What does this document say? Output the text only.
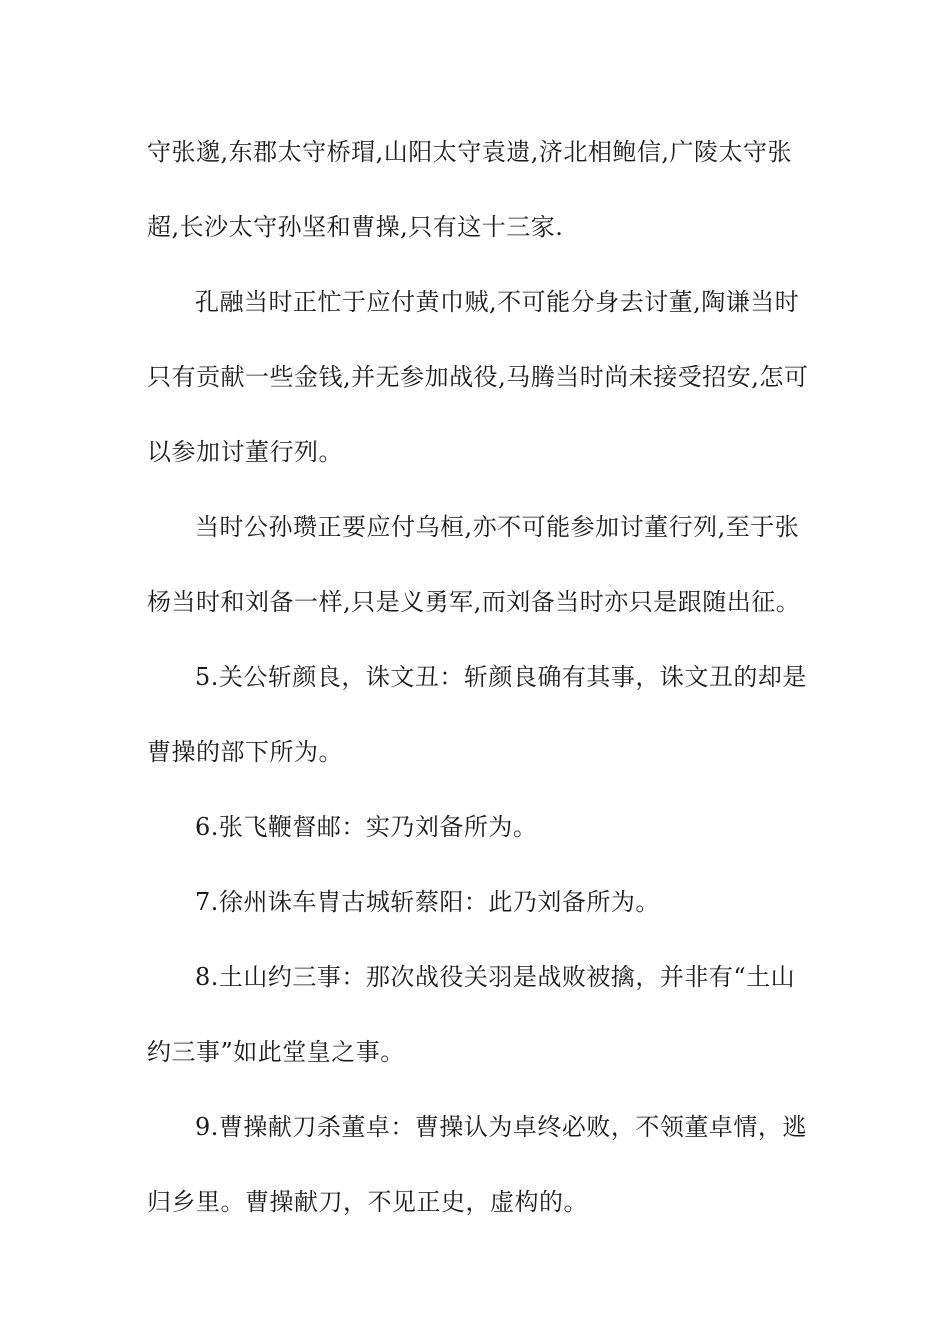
守张邈,东郡太守桥瑁,山阳太守袁遗,济北相鲍信,广陵太守张
超,长沙太守孙坚和曹操,只有这十三家.
孔融当时正忙于应付黄巾贼,不可能分身去讨董,陶谦当时
只有贡献一些金钱,并无参加战役,马腾当时尚未接受招安,怎可
以参加讨董行列。
当时公孙瓒正要应付乌桓,亦不可能参加讨董行列,至于张
杨当时和刘备一样,只是义勇军,而刘备当时亦只是跟随出征。
5.关公斩颜良，诛文丑：斩颜良确有其事，诛文丑的却是
曹操的部下所为。
6.张飞鞭督邮：实乃刘备所为。
7.徐州诛车胄古城斩蔡阳：此乃刘备所为。
8.土山约三事：那次战役关羽是战败被擒，并非有“土山
约三事”如此堂皇之事。
9.曹操献刀杀董卓：曹操认为卓终必败，不领董卓情，逃
归乡里。曹操献刀，不见正史，虚构的。
